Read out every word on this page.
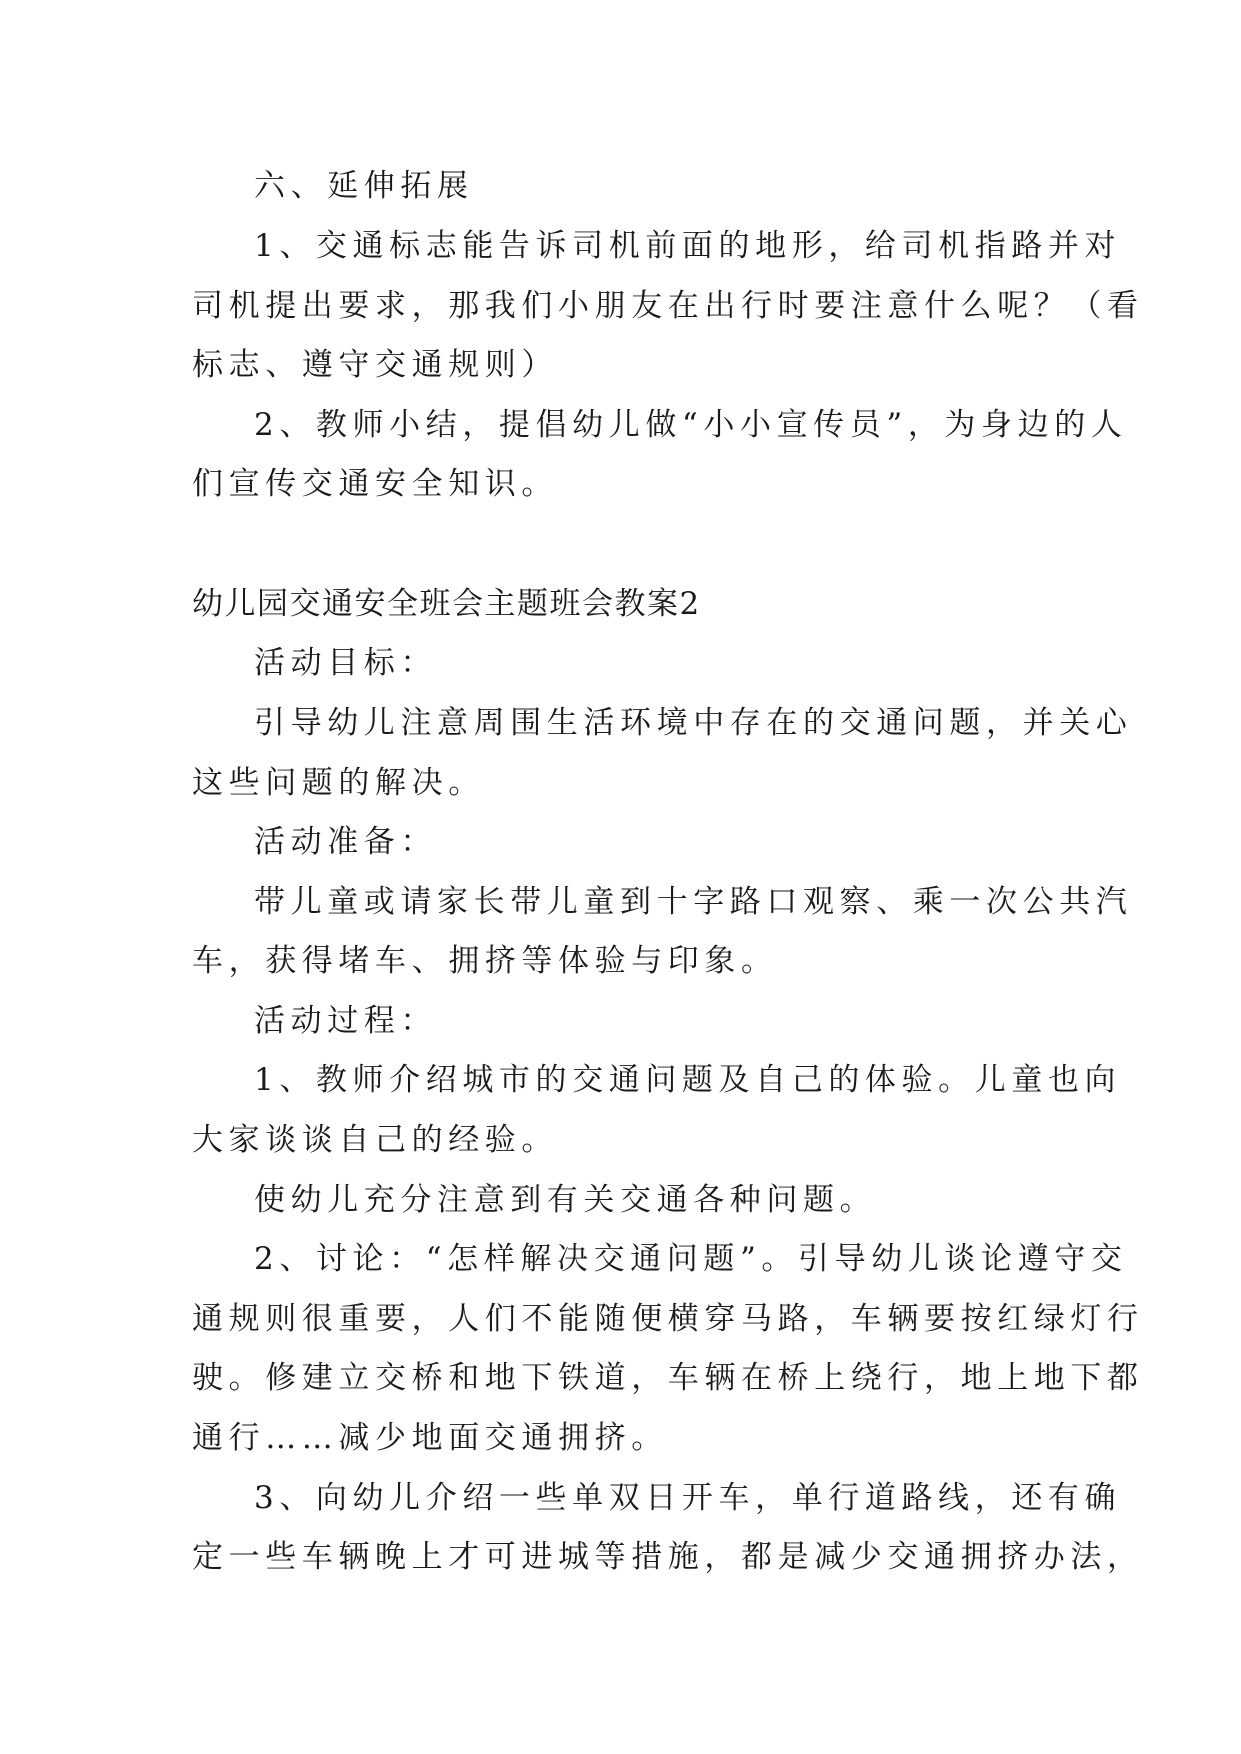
六、延伸拓展
1、交通标志能告诉司机前面的地形，给司机指路并对
司机提出要求，那我们小朋友在出行时要注意什么呢？（看
标志、遵守交通规则）
2、教师小结，提倡幼儿做“小小宣传员”，为身边的人
们宣传交通安全知识。
幼儿园交通安全班会主题班会教案2
活动目标：
引导幼儿注意周围生活环境中存在的交通问题，并关心
这些问题的解决。
活动准备：
带儿童或请家长带儿童到十字路口观察、乘一次公共汽
车，获得堵车、拥挤等体验与印象。
活动过程：
1、教师介绍城市的交通问题及自己的体验。儿童也向
大家谈谈自己的经验。
使幼儿充分注意到有关交通各种问题。
2、讨论：“怎样解决交通问题”。引导幼儿谈论遵守交
通规则很重要，人们不能随便横穿马路，车辆要按红绿灯行
驶。修建立交桥和地下铁道，车辆在桥上绕行，地上地下都
通行……减少地面交通拥挤。
3、向幼儿介绍一些单双日开车，单行道路线，还有确
定一些车辆晚上才可进城等措施，都是减少交通拥挤办法，
